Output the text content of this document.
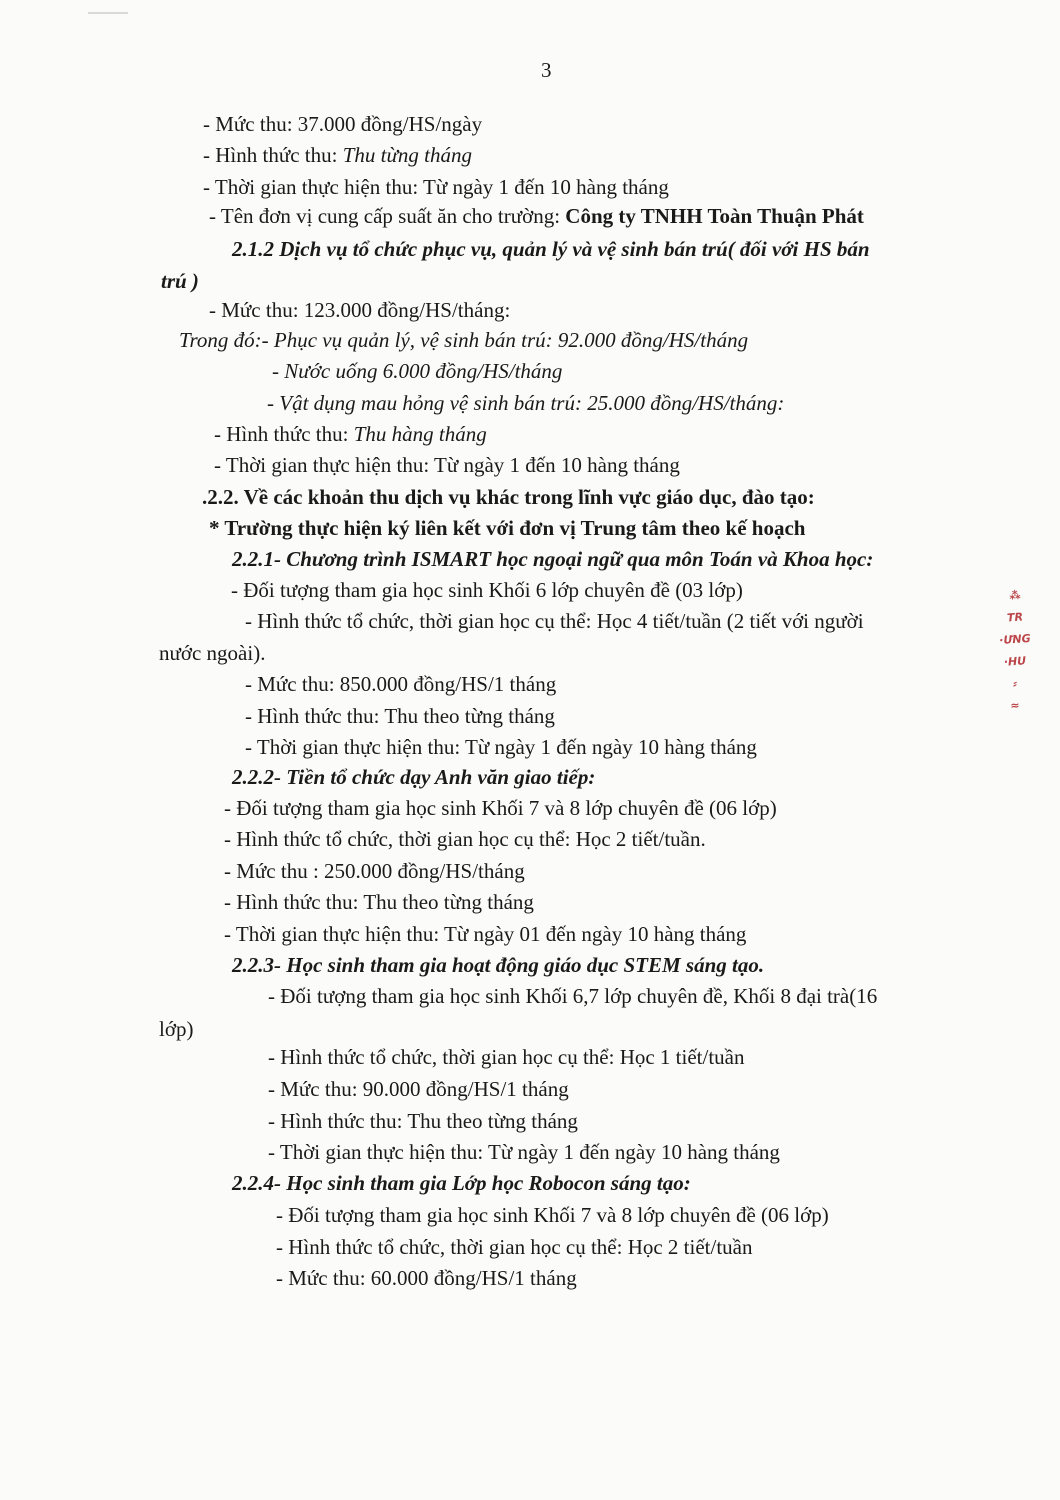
3
- Mức thu: 37.000 đồng/HS/ngày
- Hình thức thu: Thu từng tháng
- Thời gian thực hiện thu: Từ ngày 1 đến 10 hàng tháng
- Tên đơn vị cung cấp suất ăn cho trường: Công ty TNHH Toàn Thuận Phát
2.1.2 Dịch vụ tổ chức phục vụ, quản lý và vệ sinh bán trú( đối với HS bán
trú )
- Mức thu: 123.000 đồng/HS/tháng:
Trong đó:- Phục vụ quản lý, vệ sinh bán trú: 92.000 đồng/HS/tháng
- Nước uống 6.000 đồng/HS/tháng
- Vật dụng mau hỏng vệ sinh bán trú: 25.000 đồng/HS/tháng:
- Hình thức thu: Thu hàng tháng
- Thời gian thực hiện thu: Từ ngày 1 đến 10 hàng tháng
.2.2. Về các khoản thu dịch vụ khác trong lĩnh vực giáo dục, đào tạo:
* Trường thực hiện ký liên kết với đơn vị Trung tâm theo kế hoạch
2.2.1- Chương trình ISMART học ngoại ngữ qua môn Toán và Khoa học:
- Đối tượng tham gia học sinh Khối 6 lớp chuyên đề (03 lớp)
- Hình thức tổ chức, thời gian học cụ thể: Học 4 tiết/tuần (2 tiết với người
nước ngoài).
- Mức thu: 850.000 đồng/HS/1 tháng
- Hình thức thu: Thu theo từng tháng
- Thời gian thực hiện thu: Từ ngày 1 đến ngày 10 hàng tháng
2.2.2- Tiền tổ chức dạy Anh văn giao tiếp:
- Đối tượng tham gia học sinh Khối 7 và 8 lớp chuyên đề (06 lớp)
- Hình thức tổ chức, thời gian học cụ thể: Học 2 tiết/tuần.
- Mức thu : 250.000 đồng/HS/tháng
- Hình thức thu: Thu theo từng tháng
- Thời gian thực hiện thu: Từ ngày 01 đến ngày 10 hàng tháng
2.2.3- Học sinh tham gia hoạt động giáo dục STEM sáng tạo.
- Đối tượng tham gia học sinh Khối 6,7 lớp chuyên đề, Khối 8 đại trà(16
lớp)
- Hình thức tổ chức, thời gian học cụ thể: Học 1 tiết/tuần
- Mức thu: 90.000 đồng/HS/1 tháng
- Hình thức thu: Thu theo từng tháng
- Thời gian thực hiện thu: Từ ngày 1 đến ngày 10 hàng tháng
2.2.4- Học sinh tham gia Lớp học Robocon sáng tạo:
- Đối tượng tham gia học sinh Khối 7 và 8 lớp chuyên đề (06 lớp)
- Hình thức tổ chức, thời gian học cụ thể: Học 2 tiết/tuần
- Mức thu: 60.000 đồng/HS/1 tháng
⁂
TR
·ƯNG
·HU
⸗
≈
